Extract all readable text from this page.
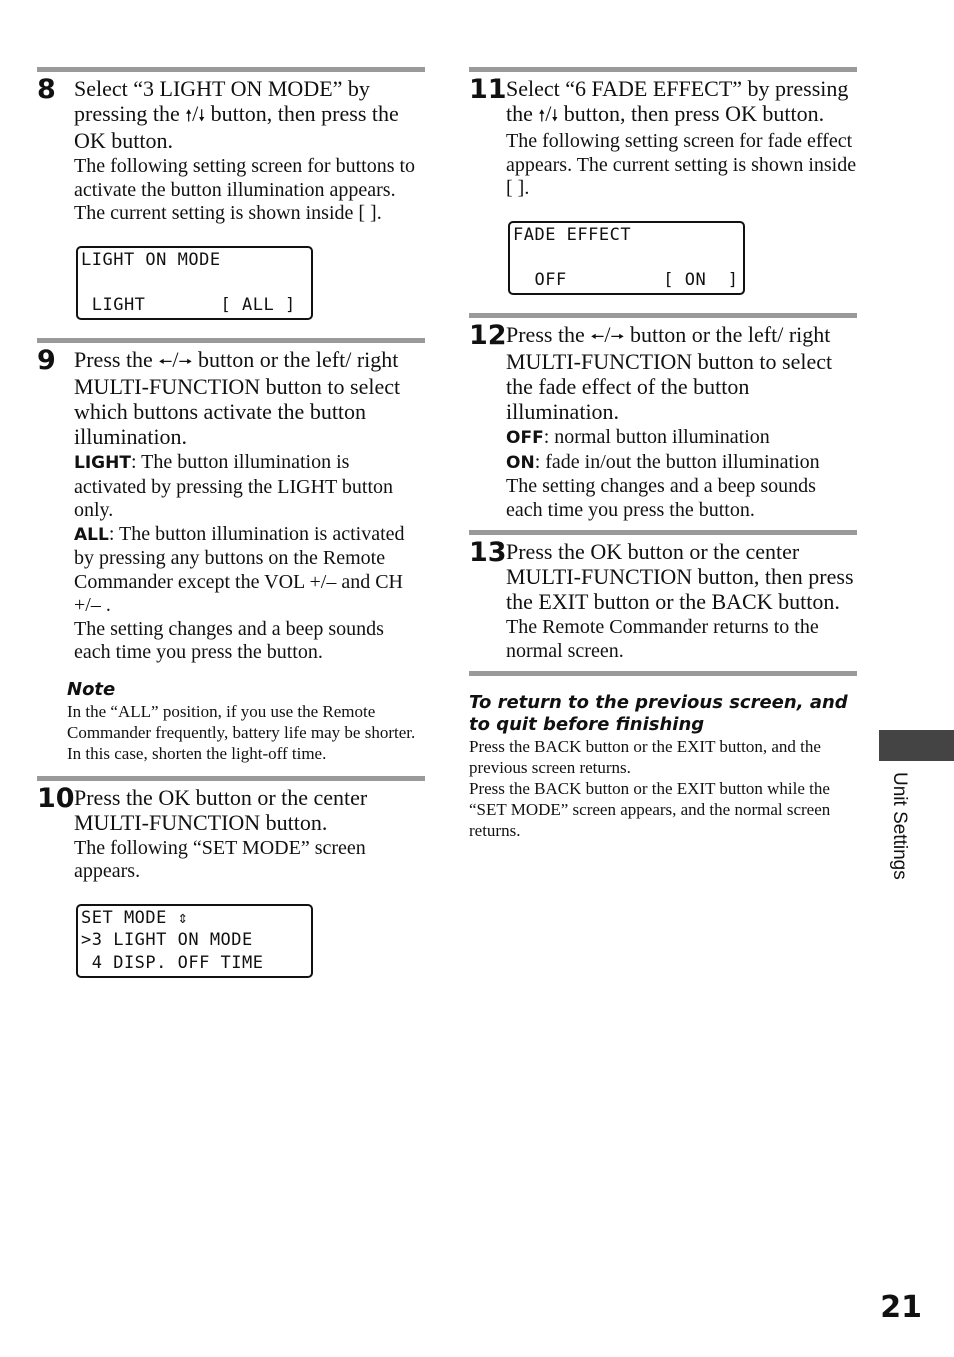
8 Select “3 LIGHT ON MODE” by pressing the 🠕/🠗 button, then press the OK button.

The following setting screen for buttons to activate the button illumination appears. The current setting is shown inside [ ].

LIGHT ON MODE

LIGHT       [ ALL ]
9 Press the 🠔/🠖 button or the left/ right MULTI-FUNCTION button to select which buttons activate the button illumination.

LIGHT: The button illumination is activated by pressing the LIGHT button only.

ALL: The button illumination is activated by pressing any buttons on the Remote Commander except the VOL +/– and CH +/– .

The setting changes and a beep sounds each time you press the button.

Note

In the “ALL” position, if you use the Remote Commander frequently, battery life may be shorter. In this case, shorten the light-off time.

10 Press the OK button or the center MULTI-FUNCTION button.

The following “SET MODE” screen appears.

SET MODE ⇕
>3 LIGHT ON MODE
4 DISP. OFF TIME
11 Select “6 FADE EFFECT” by pressing the 🠕/🠗 button, then press OK button.

The following setting screen for fade effect appears. The current setting is shown inside [ ].

FADE EFFECT

OFF         [ ON  ]
12 Press the 🠔/🠖 button or the left/ right MULTI-FUNCTION button to select the fade effect of the button illumination.

OFF: normal button illumination

ON: fade in/out the button illumination

The setting changes and a beep sounds each time you press the button.

13 Press the OK button or the center MULTI-FUNCTION button, then press the EXIT button or the BACK button.

The Remote Commander returns to the normal screen.

To return to the previous screen, and to quit before finishing

Press the BACK button or the EXIT button, and the previous screen returns.

Press the BACK button or the EXIT button while the “SET MODE” screen appears, and the normal screen returns.	Unit Settings
21
